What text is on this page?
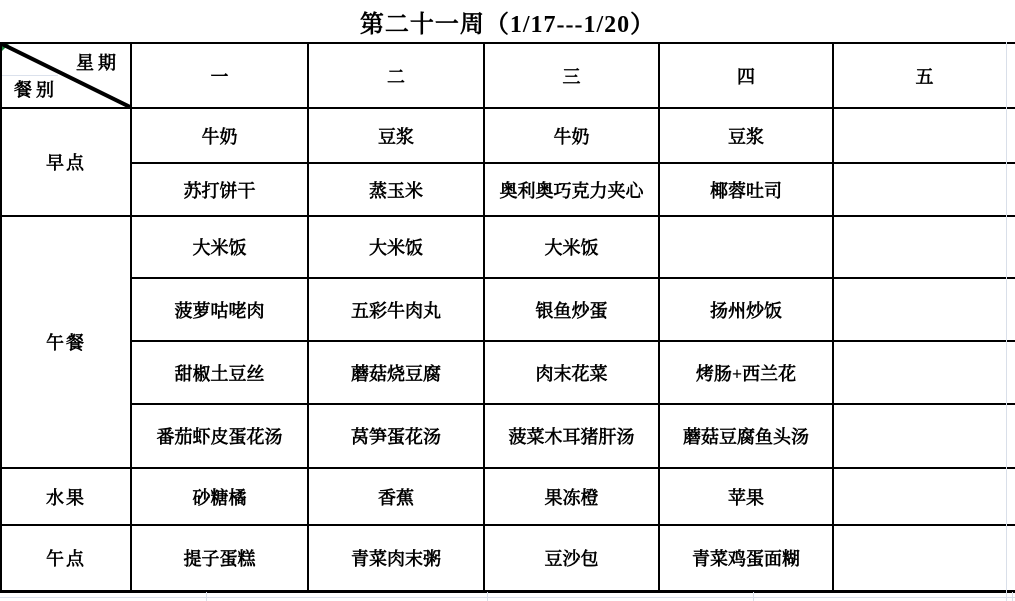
第二十一周（1/17---1/20）
星期
餐别	一	二	三	四	五
早点	牛奶	豆浆	牛奶	豆浆	
	苏打饼干	蒸玉米	奥利奥巧克力夹心	椰蓉吐司	
午餐	大米饭	大米饭	大米饭		
	菠萝咕咾肉	五彩牛肉丸	银鱼炒蛋	扬州炒饭	
	甜椒土豆丝	蘑菇烧豆腐	肉末花菜	烤肠+西兰花	
	番茄虾皮蛋花汤	莴笋蛋花汤	菠菜木耳猪肝汤	蘑菇豆腐鱼头汤	
水果	砂糖橘	香蕉	果冻橙	苹果	
午点	提子蛋糕	青菜肉末粥	豆沙包	青菜鸡蛋面糊	
